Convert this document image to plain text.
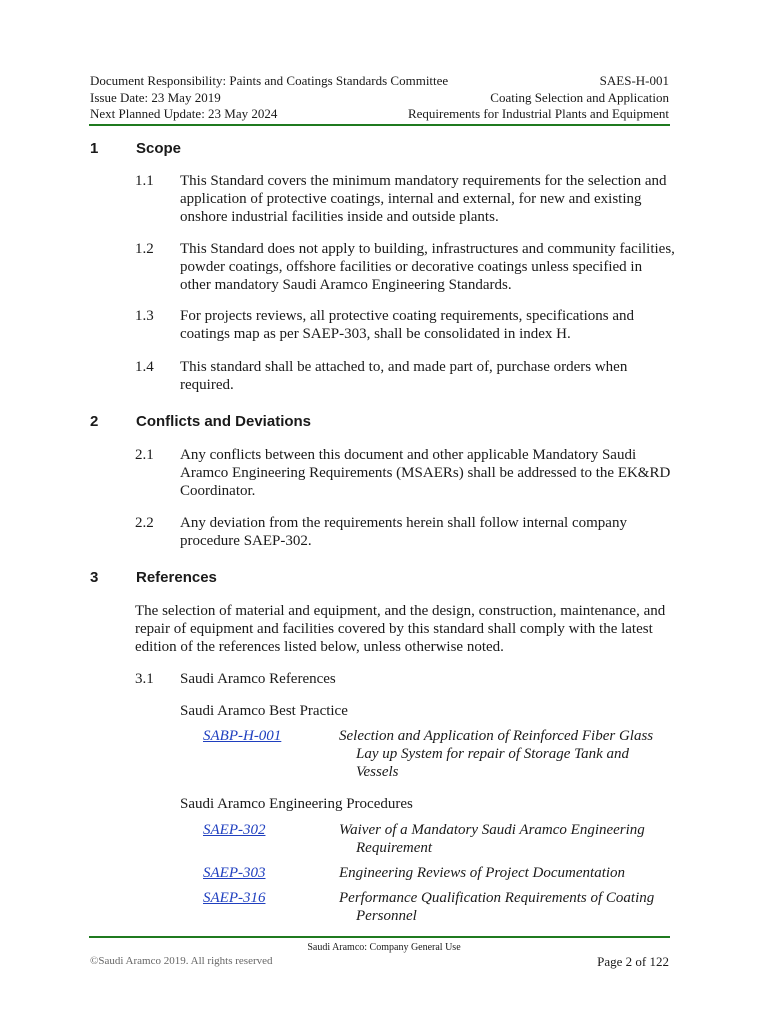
Document Responsibility: Paints and Coatings Standards Committee
Issue Date: 23 May 2019
Next Planned Update: 23 May 2024
SAES-H-001
Coating Selection and Application
Requirements for Industrial Plants and Equipment
1	Scope
1.1 This Standard covers the minimum mandatory requirements for the selection and application of protective coatings, internal and external, for new and existing onshore industrial facilities inside and outside plants.
1.2 This Standard does not apply to building, infrastructures and community facilities, powder coatings, offshore facilities or decorative coatings unless specified in other mandatory Saudi Aramco Engineering Standards.
1.3 For projects reviews, all protective coating requirements, specifications and coatings map as per SAEP-303, shall be consolidated in index H.
1.4 This standard shall be attached to, and made part of, purchase orders when required.
2	Conflicts and Deviations
2.1 Any conflicts between this document and other applicable Mandatory Saudi Aramco Engineering Requirements (MSAERs) shall be addressed to the EK&RD Coordinator.
2.2 Any deviation from the requirements herein shall follow internal company procedure SAEP-302.
3	References
The selection of material and equipment, and the design, construction, maintenance, and repair of equipment and facilities covered by this standard shall comply with the latest edition of the references listed below, unless otherwise noted.
3.1 Saudi Aramco References
Saudi Aramco Best Practice
SABP-H-001	Selection and Application of Reinforced Fiber Glass Lay up System for repair of Storage Tank and Vessels
Saudi Aramco Engineering Procedures
SAEP-302	Waiver of a Mandatory Saudi Aramco Engineering Requirement
SAEP-303	Engineering Reviews of Project Documentation
SAEP-316	Performance Qualification Requirements of Coating Personnel
Saudi Aramco: Company General Use
©Saudi Aramco 2019. All rights reserved	Page 2 of 122
